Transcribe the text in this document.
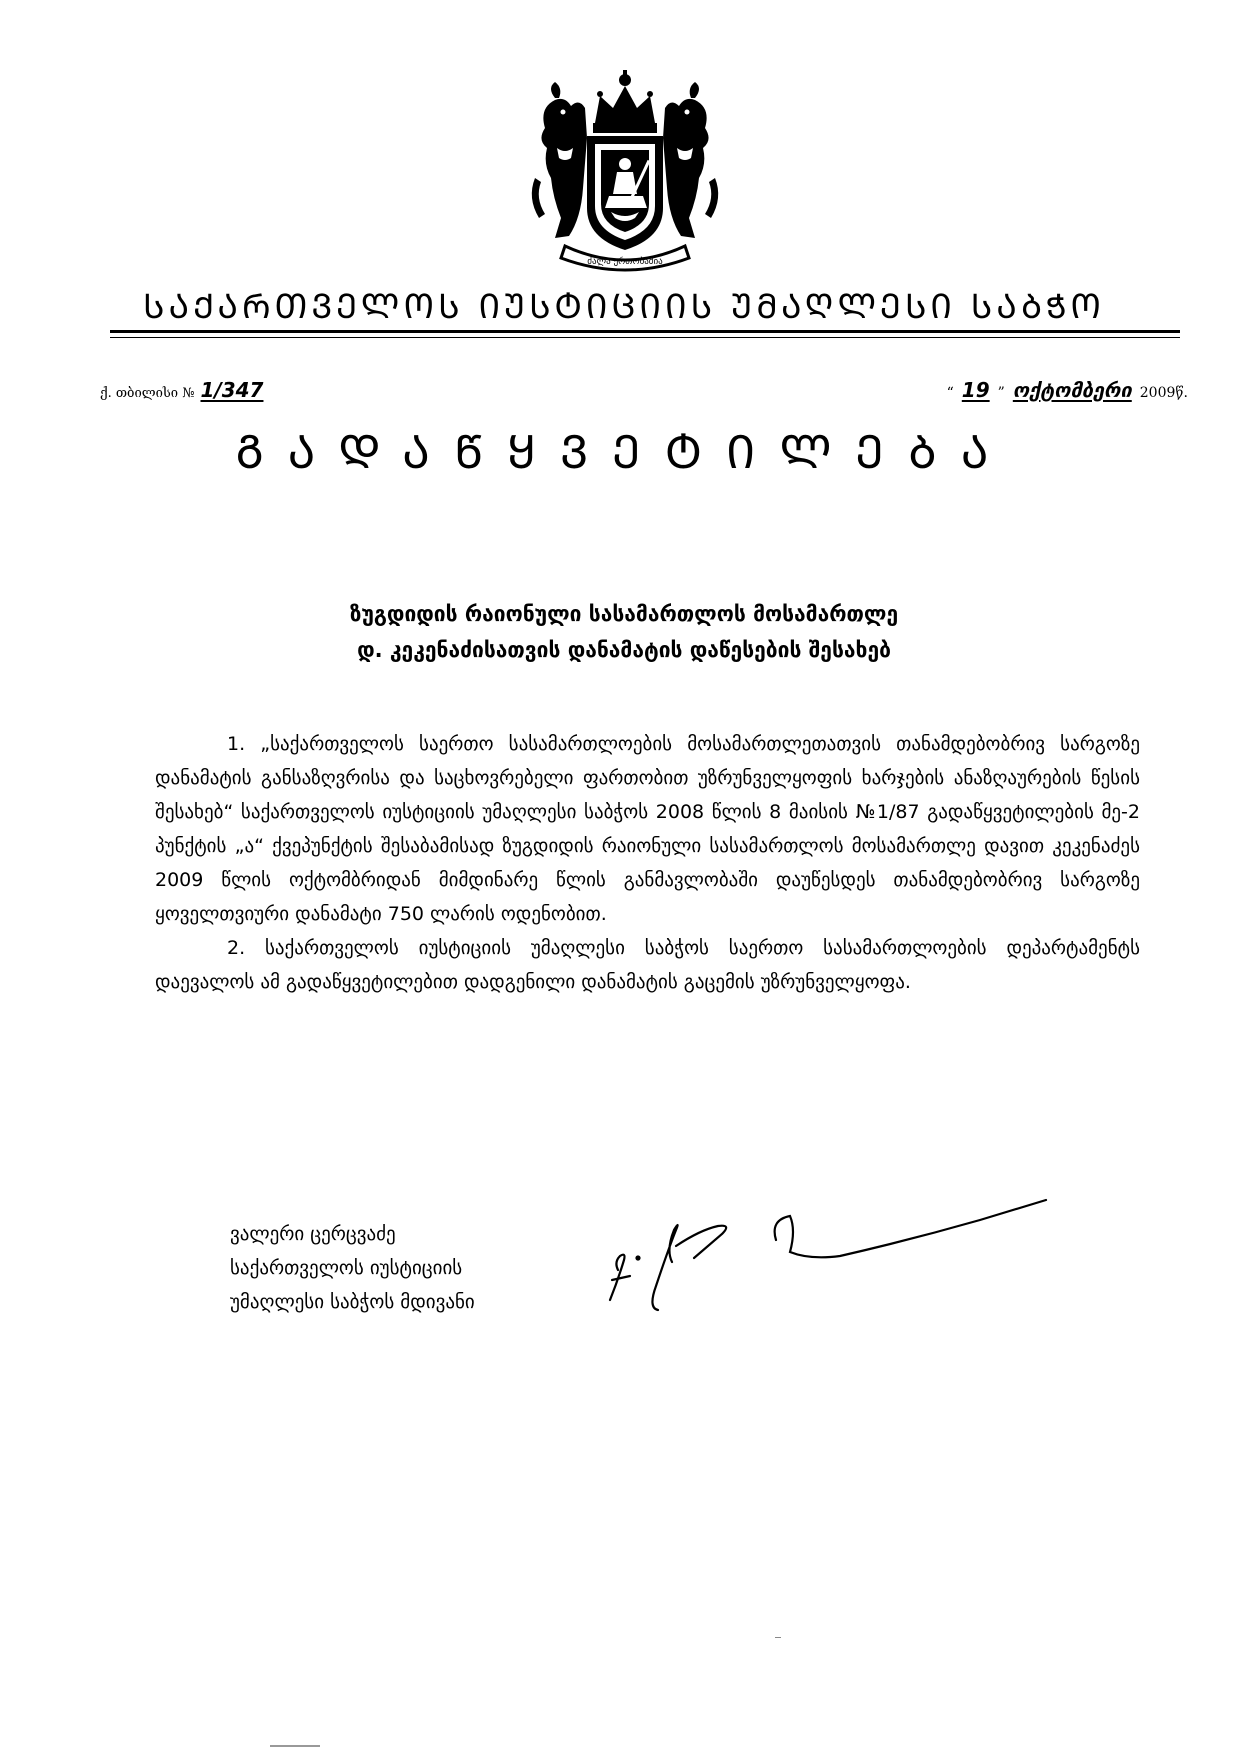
ძალა ერთობაშია
ᲡᲐᲥᲐᲠᲗᲕᲔᲚᲝᲡ ᲘᲣᲡᲢᲘᲪᲘᲘᲡ ᲣᲛᲐᲦᲚᲔᲡᲘ ᲡᲐᲑᲭᲝ
ქ. თბილისი № 1/347	“ 19 ” ოქტომბერი 2009წ.
ᲒᲐᲓᲐᲬᲧᲕᲔᲢᲘᲚᲔᲑᲐ
ზუგდიდის რაიონული სასამართლოს მოსამართლე
დ. კეკენაძისათვის დანამატის დაწესების შესახებ

1. „საქართველოს საერთო სასამართლოების მოსამართლეთათვის თანამდებობრივ სარგოზე დანამატის განსაზღვრისა და საცხოვრებელი ფართობით უზრუნველყოფის ხარჯების ანაზღაურების წესის შესახებ“ საქართველოს იუსტიციის უმაღლესი საბჭოს 2008 წლის 8 მაისის №1/87 გადაწყვეტილების მე-2 პუნქტის „ა“ ქვეპუნქტის შესაბამისად ზუგდიდის რაიონული სასამართლოს მოსამართლე დავით კეკენაძეს 2009 წლის ოქტომბრიდან მიმდინარე წლის განმავლობაში დაუწესდეს თანამდებობრივ სარგოზე ყოველთვიური დანამატი 750 ლარის ოდენობით.

2. საქართველოს იუსტიციის უმაღლესი საბჭოს საერთო სასამართლოების დეპარტამენტს დაევალოს ამ გადაწყვეტილებით დადგენილი დანამატის გაცემის უზრუნველყოფა.

ვალერი ცერცვაძე
საქართველოს იუსტიციის
უმაღლესი საბჭოს მდივანი
